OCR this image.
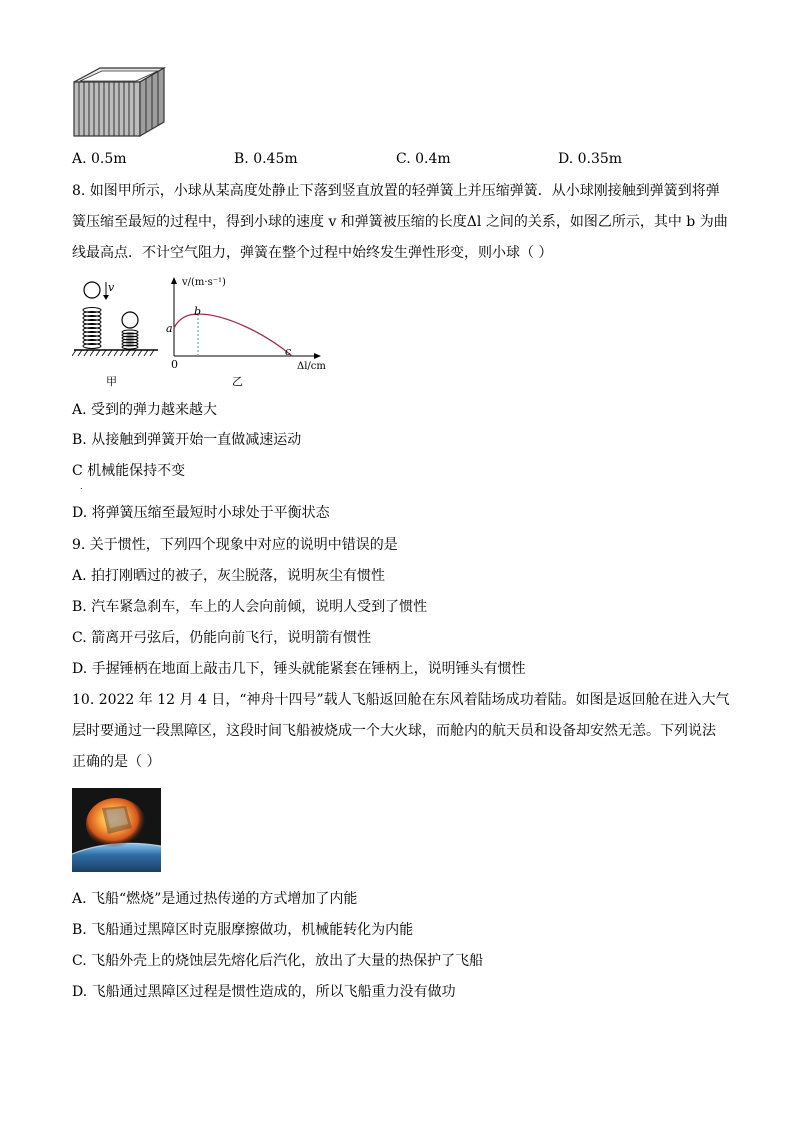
A. 0.5m	B. 0.45m	C. 0.4m	D. 0.35m
8. 如图甲所示，小球从某高度处静止下落到竖直放置的轻弹簧上并压缩弹簧．从小球刚接触到弹簧到将弹
簧压缩至最短的过程中，得到小球的速度 v 和弹簧被压缩的长度Δl 之间的关系，如图乙所示，其中 b 为曲
线最高点．不计空气阻力，弹簧在整个过程中始终发生弹性形变，则小球（ ）
v
甲
v/(m·s⁻¹)
a
b
c
0	Δl/cm
乙
A. 受到的弹力越来越大
B. 从接触到弹簧开始一直做减速运动
C 机械能保持不变
.
D. 将弹簧压缩至最短时小球处于平衡状态
9. 关于惯性，下列四个现象中对应的说明中错误的是
A. 拍打刚晒过的被子，灰尘脱落，说明灰尘有惯性
B. 汽车紧急刹车，车上的人会向前倾，说明人受到了惯性
C. 箭离开弓弦后，仍能向前飞行，说明箭有惯性
D. 手握锤柄在地面上敲击几下，锤头就能紧套在锤柄上，说明锤头有惯性
10. 2022 年 12 月 4 日，“神舟十四号”载人飞船返回舱在东风着陆场成功着陆。如图是返回舱在进入大气
层时要通过一段黑障区，这段时间飞船被烧成一个大火球，而舱内的航天员和设备却安然无恙。下列说法
正确的是（ ）
A. 飞船“燃烧”是通过热传递的方式增加了内能
B. 飞船通过黑障区时克服摩擦做功，机械能转化为内能
C. 飞船外壳上的烧蚀层先熔化后汽化，放出了大量的热保护了飞船
D. 飞船通过黑障区过程是惯性造成的，所以飞船重力没有做功
